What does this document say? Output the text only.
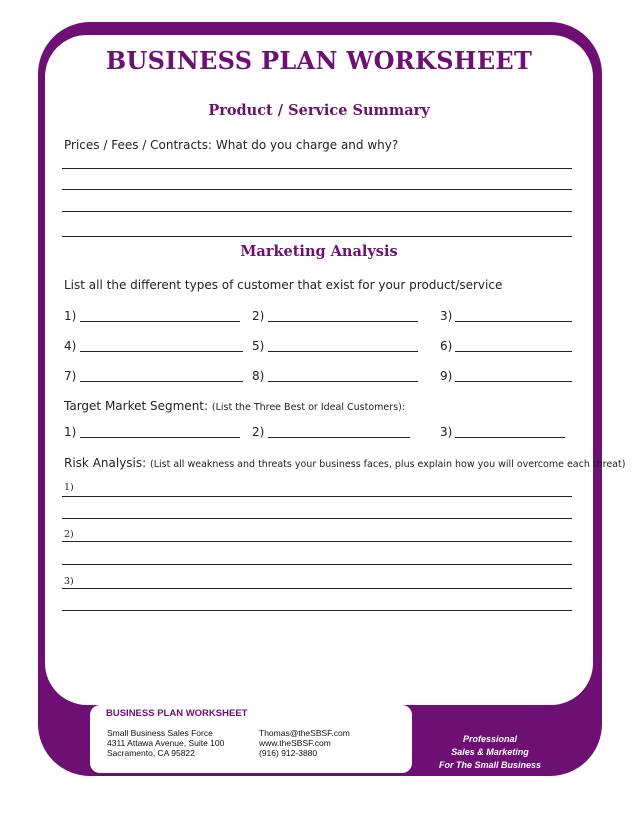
BUSINESS PLAN WORKSHEET
Product / Service Summary
Prices / Fees / Contracts: What do you charge and why?
Marketing Analysis
List all the different types of customer that exist for your product/service
1)	2)	3)
4)	5)	6)
7)	8)	9)
Target Market Segment: (List the Three Best or Ideal Customers):
1)	2)	3)
Risk Analysis: (List all weakness and threats your business faces, plus explain how you will overcome each threat)
1)
2)
3)
BUSINESS PLAN WORKSHEET
Small Business Sales Force
4311 Attawa Avenue, Suite 100
Sacramento, CA 95822
Thomas@theSBSF.com
www.theSBSF.com
(916) 912-3880
Professional
Sales & Marketing
For The Small Business
